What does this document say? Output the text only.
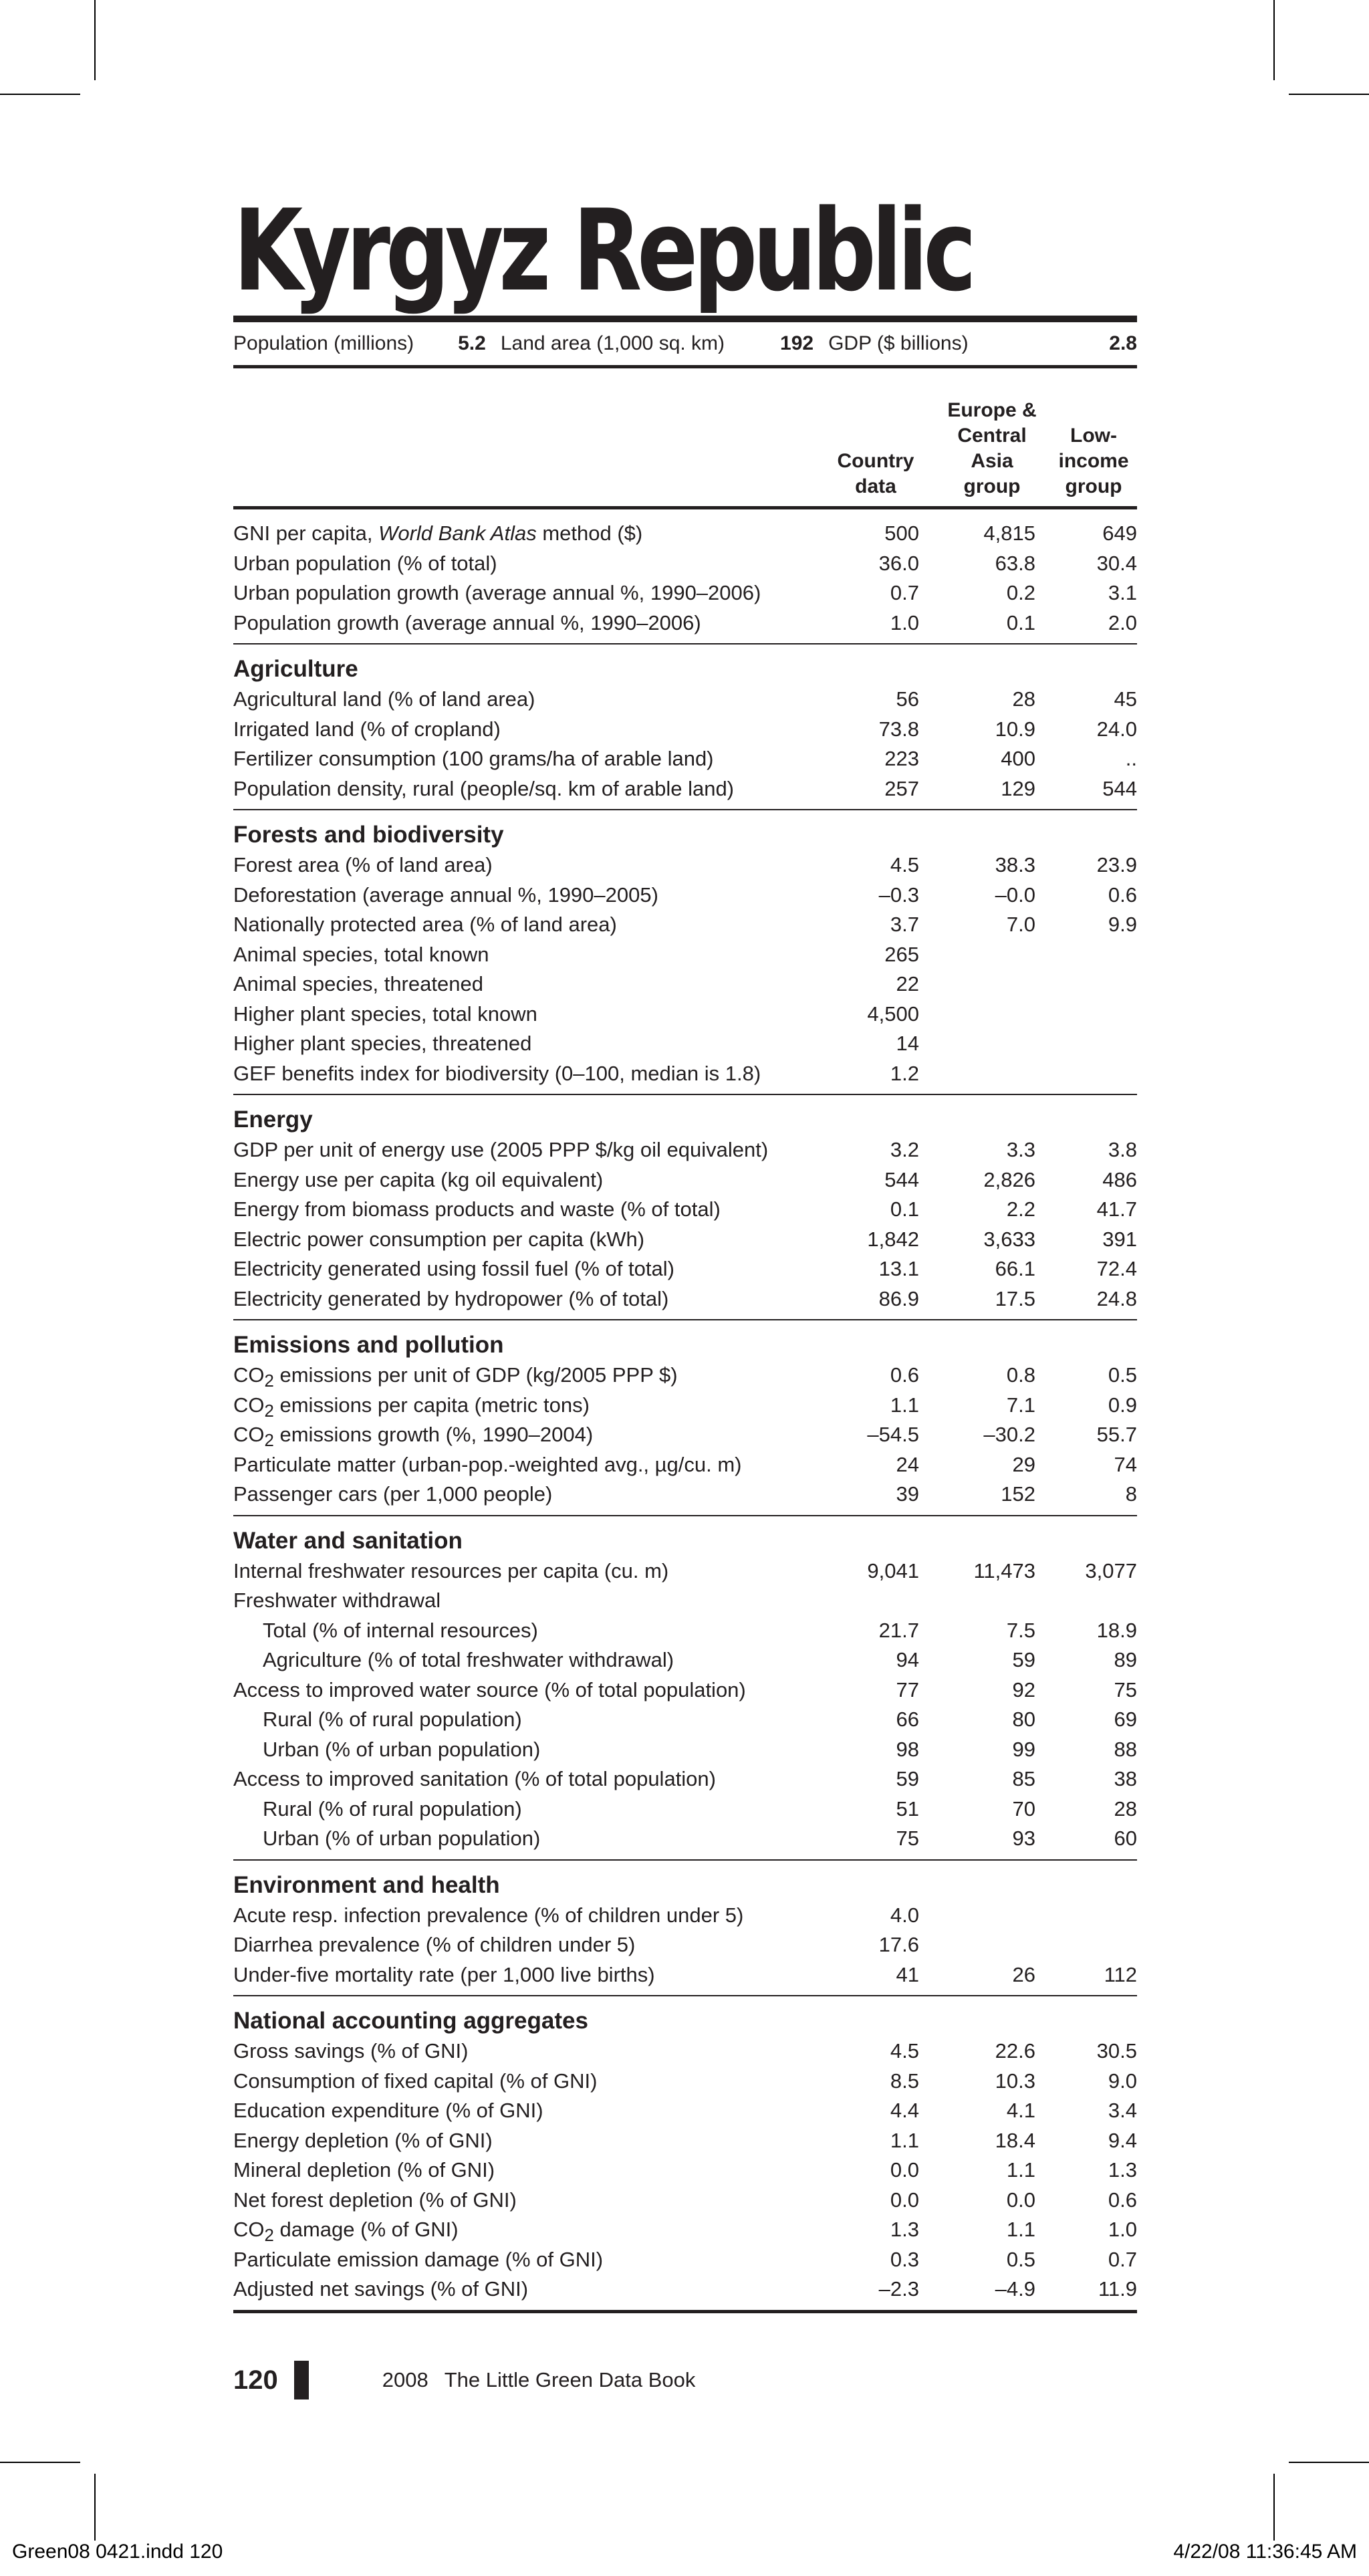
Kyrgyz Republic
Population (millions) 5.2 Land area (1,000 sq. km)	192 GDP ($ billions)	2.8
Country
data
Europe &
Central
Asia
group
Low-
income
group
GNI per capita, World Bank Atlas method ($)	500	4,815	649
Urban population (% of total)	36.0	63.8	30.4
Urban population growth (average annual %, 1990–2006)	0.7	0.2	3.1
Population growth (average annual %, 1990–2006)	1.0	0.1	2.0
Agriculture
Agricultural land (% of land area)	56	28	45
Irrigated land (% of cropland)	73.8	10.9	24.0
Fertilizer consumption (100 grams/ha of arable land)	223	400	..
Population density, rural (people/sq. km of arable land)	257	129	544
Forests and biodiversity
Forest area (% of land area)	4.5	38.3	23.9
Deforestation (average annual %, 1990–2005)	–0.3	–0.0	0.6
Nationally protected area (% of land area)	3.7	7.0	9.9
Animal species, total known	265
Animal species, threatened	22
Higher plant species, total known	4,500
Higher plant species, threatened	14
GEF benefits index for biodiversity (0–100, median is 1.8)	1.2
Energy
GDP per unit of energy use (2005 PPP $/kg oil equivalent)	3.2	3.3	3.8
Energy use per capita (kg oil equivalent)	544	2,826	486
Energy from biomass products and waste (% of total)	0.1	2.2	41.7
Electric power consumption per capita (kWh)	1,842	3,633	391
Electricity generated using fossil fuel (% of total)	13.1	66.1	72.4
Electricity generated by hydropower (% of total)	86.9	17.5	24.8
Emissions and pollution
$CO_2$ emissions per unit of GDP (kg/2005 PPP $)	0.6	0.8	0.5
$CO_2$ emissions per capita (metric tons)	1.1	7.1	0.9
$CO_2$ emissions growth (%, 1990–2004)	–54.5	–30.2	55.7
Particulate matter (urban-pop.-weighted avg., µg/cu. m)	24	29	74
Passenger cars (per 1,000 people)	39	152	8
Water and sanitation
Internal freshwater resources per capita (cu. m)	9,041	11,473 3,077
Freshwater withdrawal
Total (% of internal resources)	21.7	7.5	18.9
Agriculture (% of total freshwater withdrawal)	94	59	89
Access to improved water source (% of total population)	77	92	75
Rural (% of rural population)	66	80	69
Urban (% of urban population)	98	99	88
Access to improved sanitation (% of total population)	59	85	38
Rural (% of rural population)	51	70	28
Urban (% of urban population)	75	93	60
Environment and health
Acute resp. infection prevalence (% of children under 5)	4.0
Diarrhea prevalence (% of children under 5)	17.6
Under-five mortality rate (per 1,000 live births)	41	26	112
National accounting aggregates
Gross savings (% of GNI)	4.5	22.6	30.5
Consumption of fixed capital (% of GNI)	8.5	10.3	9.0
Education expenditure (% of GNI)	4.4	4.1	3.4
Energy depletion (% of GNI)	1.1	18.4	9.4
Mineral depletion (% of GNI)	0.0	1.1	1.3
Net forest depletion (% of GNI)	0.0	0.0	0.6
$CO_2$ damage (% of GNI)	1.3	1.1	1.0
Particulate emission damage (% of GNI)	0.3	0.5	0.7
Adjusted net savings (% of GNI)	–2.3	–4.9	11.9
120	2008 The Little Green Data Book
Green08 0421.indd 120	4/22/08 11:36:45 AM
